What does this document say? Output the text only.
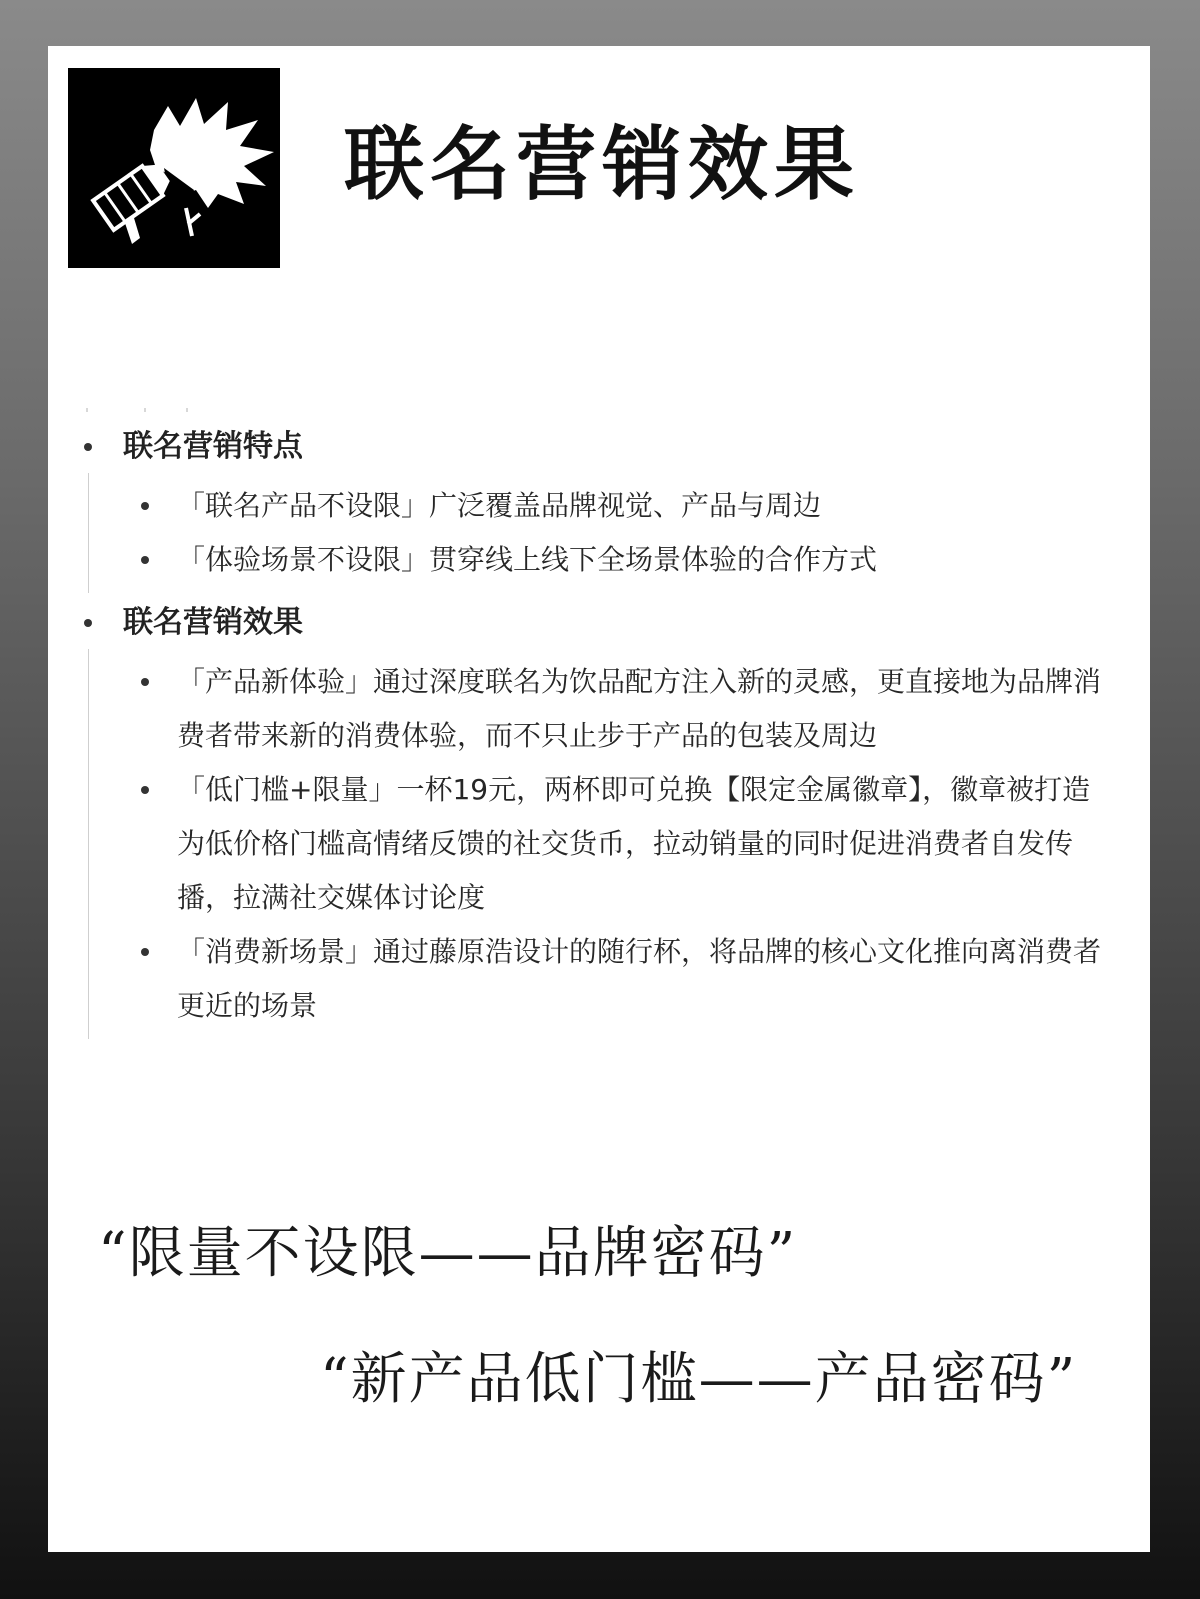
联名营销效果
联名营销特点
「联名产品不设限」广泛覆盖品牌视觉、产品与周边
「体验场景不设限」贯穿线上线下全场景体验的合作方式
联名营销效果
「产品新体验」通过深度联名为饮品配方注入新的灵感，更直接地为品牌消费者带来新的消费体验，而不只止步于产品的包装及周边
「低门槛+限量」一杯19元，两杯即可兑换【限定金属徽章】，徽章被打造为低价格门槛高情绪反馈的社交货币，拉动销量的同时促进消费者自发传播，拉满社交媒体讨论度
「消费新场景」通过藤原浩设计的随行杯，将品牌的核心文化推向离消费者更近的场景

“限量不设限——品牌密码”

“新产品低门槛——产品密码”
